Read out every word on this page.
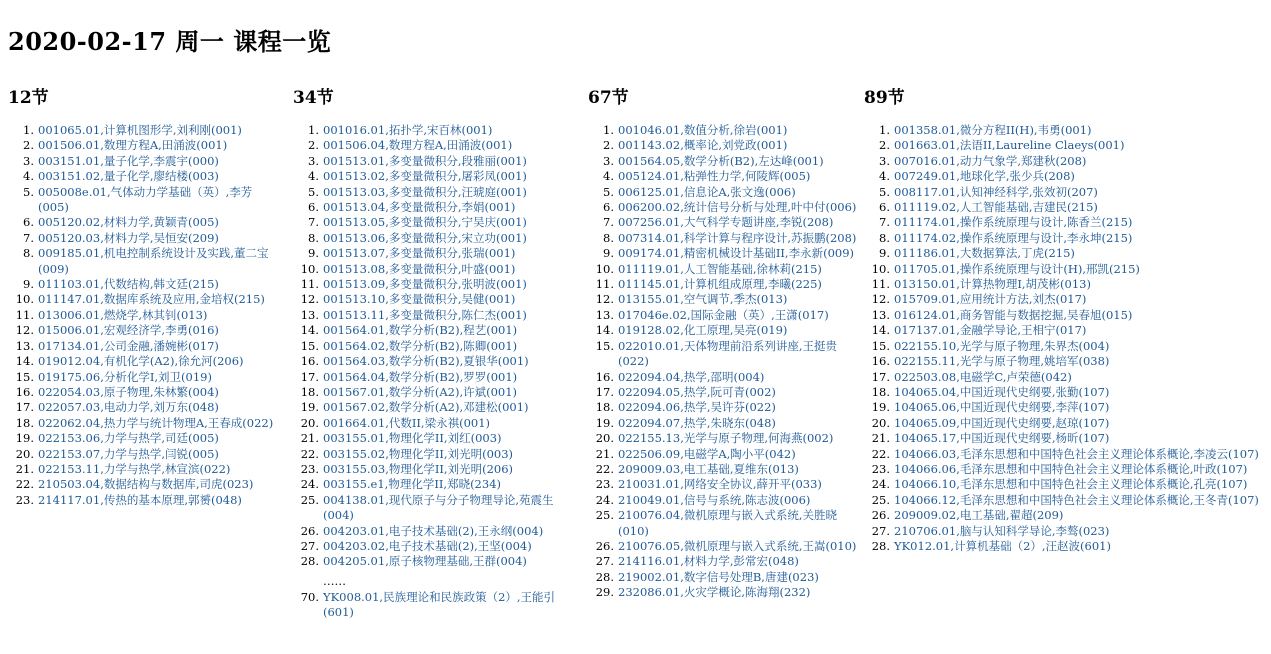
2020-02-17 周一 课程一览
12节
1. 001065.01,计算机图形学,刘利刚(001)
2. 001506.01,数理方程A,田涌波(001)
3. 003151.01,量子化学,李震宇(000)
4. 003151.02,量子化学,廖结楼(003)
5. 005008e.01,气体动力学基础（英）,李芳(005)
6. 005120.02,材料力学,黄颖青(005)
7. 005120.03,材料力学,吴恒安(209)
8. 009185.01,机电控制系统设计及实践,董二宝(009)
9. 011103.01,代数结构,韩文廷(215)
10. 011147.01,数据库系统及应用,金培权(215)
11. 013006.01,燃烧学,林其钊(013)
12. 015006.01,宏观经济学,李勇(016)
13. 017134.01,公司金融,潘婉彬(017)
14. 019012.04,有机化学(A2),徐允河(206)
15. 019175.06,分析化学I,刘卫(019)
16. 022054.03,原子物理,朱林繁(004)
17. 022057.03,电动力学,刘万东(048)
18. 022062.04,热力学与统计物理A,王春成(022)
19. 022153.06,力学与热学,司廷(005)
20. 022153.07,力学与热学,闫锐(005)
21. 022153.11,力学与热学,林宣滨(022)
22. 210503.04,数据结构与数据库,司虎(023)
23. 214117.01,传热的基本原理,郭赟(048)
34节
1. 001016.01,拓扑学,宋百林(001)
2. 001506.04,数理方程A,田涌波(001)
3. 001513.01,多变量微积分,段雅丽(001)
4. 001513.02,多变量微积分,屠彩凤(001)
5. 001513.03,多变量微积分,汪琥庭(001)
6. 001513.04,多变量微积分,李娟(001)
7. 001513.05,多变量微积分,宁吴庆(001)
8. 001513.06,多变量微积分,宋立功(001)
9. 001513.07,多变量微积分,张瑞(001)
10. 001513.08,多变量微积分,叶盛(001)
11. 001513.09,多变量微积分,张明波(001)
12. 001513.10,多变量微积分,吴健(001)
13. 001513.11,多变量微积分,陈仁杰(001)
14. 001564.01,数学分析(B2),程艺(001)
15. 001564.02,数学分析(B2),陈卿(001)
16. 001564.03,数学分析(B2),夏银华(001)
17. 001564.04,数学分析(B2),罗罗(001)
18. 001567.01,数学分析(A2),许斌(001)
19. 001567.02,数学分析(A2),邓建松(001)
20. 001664.01,代数II,梁永祺(001)
21. 003155.01,物理化学II,刘红(003)
22. 003155.02,物理化学II,刘光明(003)
23. 003155.03,物理化学II,刘光明(206)
24. 003155.e1,物理化学II,郑晓(234)
25. 004138.01,现代原子与分子物理导论,苑震生(004)
26. 004203.01,电子技术基础(2),王永纲(004)
27. 004203.02,电子技术基础(2),王坚(004)
28. 004205.01,原子核物理基础,王群(004)
……
70. YK008.01,民族理论和民族政策（2）,王能引(601)
67节
1. 001046.01,数值分析,徐岩(001)
2. 001143.02,概率论,刘党政(001)
3. 001564.05,数学分析(B2),左达峰(001)
4. 005124.01,粘弹性力学,何陵辉(005)
5. 006125.01,信息论A,张文逸(006)
6. 006200.02,统计信号分析与处理,叶中付(006)
7. 007256.01,大气科学专题讲座,李锐(208)
8. 007314.01,科学计算与程序设计,苏振鹏(208)
9. 009174.01,精密机械设计基础II,李永新(009)
10. 011119.01,人工智能基础,徐林莉(215)
11. 011145.01,计算机组成原理,李曦(225)
12. 013155.01,空气调节,季杰(013)
13. 017046e.02,国际金融（英）,王潇(017)
14. 019128.02,化工原理,吴亮(019)
15. 022010.01,天体物理前沿系列讲座,王挺贵(022)
16. 022094.04,热学,邵明(004)
17. 022094.05,热学,阮可青(002)
18. 022094.06,热学,吴许芬(022)
19. 022094.07,热学,朱晓东(048)
20. 022155.13,光学与原子物理,何海燕(002)
21. 022506.09,电磁学A,陶小平(042)
22. 209009.03,电工基础,夏维东(013)
23. 210031.01,网络安全协议,薛开平(033)
24. 210049.01,信号与系统,陈志波(006)
25. 210076.04,微机原理与嵌入式系统,关胜晓(010)
26. 210076.05,微机原理与嵌入式系统,王嵩(010)
27. 214116.01,材料力学,彭常宏(048)
28. 219002.01,数字信号处理B,唐建(023)
29. 232086.01,火灾学概论,陈海翔(232)
89节
1. 001358.01,微分方程II(H),韦勇(001)
2. 001663.01,法语II,Laureline Claeys(001)
3. 007016.01,动力气象学,郑建秋(208)
4. 007249.01,地球化学,张少兵(208)
5. 008117.01,认知神经科学,张效初(207)
6. 011119.02,人工智能基础,吉建民(215)
7. 011174.01,操作系统原理与设计,陈香兰(215)
8. 011174.02,操作系统原理与设计,李永坤(215)
9. 011186.01,大数据算法,丁虎(215)
10. 011705.01,操作系统原理与设计(H),邢凯(215)
11. 013150.01,计算热物理I,胡茂彬(013)
12. 015709.01,应用统计方法,刘杰(017)
13. 016124.01,商务智能与数据挖掘,吴春旭(015)
14. 017137.01,金融学导论,王相宁(017)
15. 022155.10,光学与原子物理,朱界杰(004)
16. 022155.11,光学与原子物理,姚培军(038)
17. 022503.08,电磁学C,卢荣德(042)
18. 104065.04,中国近现代史纲要,张勤(107)
19. 104065.06,中国近现代史纲要,李萍(107)
20. 104065.09,中国近现代史纲要,赵琼(107)
21. 104065.17,中国近现代史纲要,杨昕(107)
22. 104066.03,毛泽东思想和中国特色社会主义理论体系概论,李凌云(107)
23. 104066.06,毛泽东思想和中国特色社会主义理论体系概论,叶政(107)
24. 104066.10,毛泽东思想和中国特色社会主义理论体系概论,孔亮(107)
25. 104066.12,毛泽东思想和中国特色社会主义理论体系概论,王冬青(107)
26. 209009.02,电工基础,翟超(209)
27. 210706.01,脑与认知科学导论,李骜(023)
28. YK012.01,计算机基础（2）,汪赵波(601)
